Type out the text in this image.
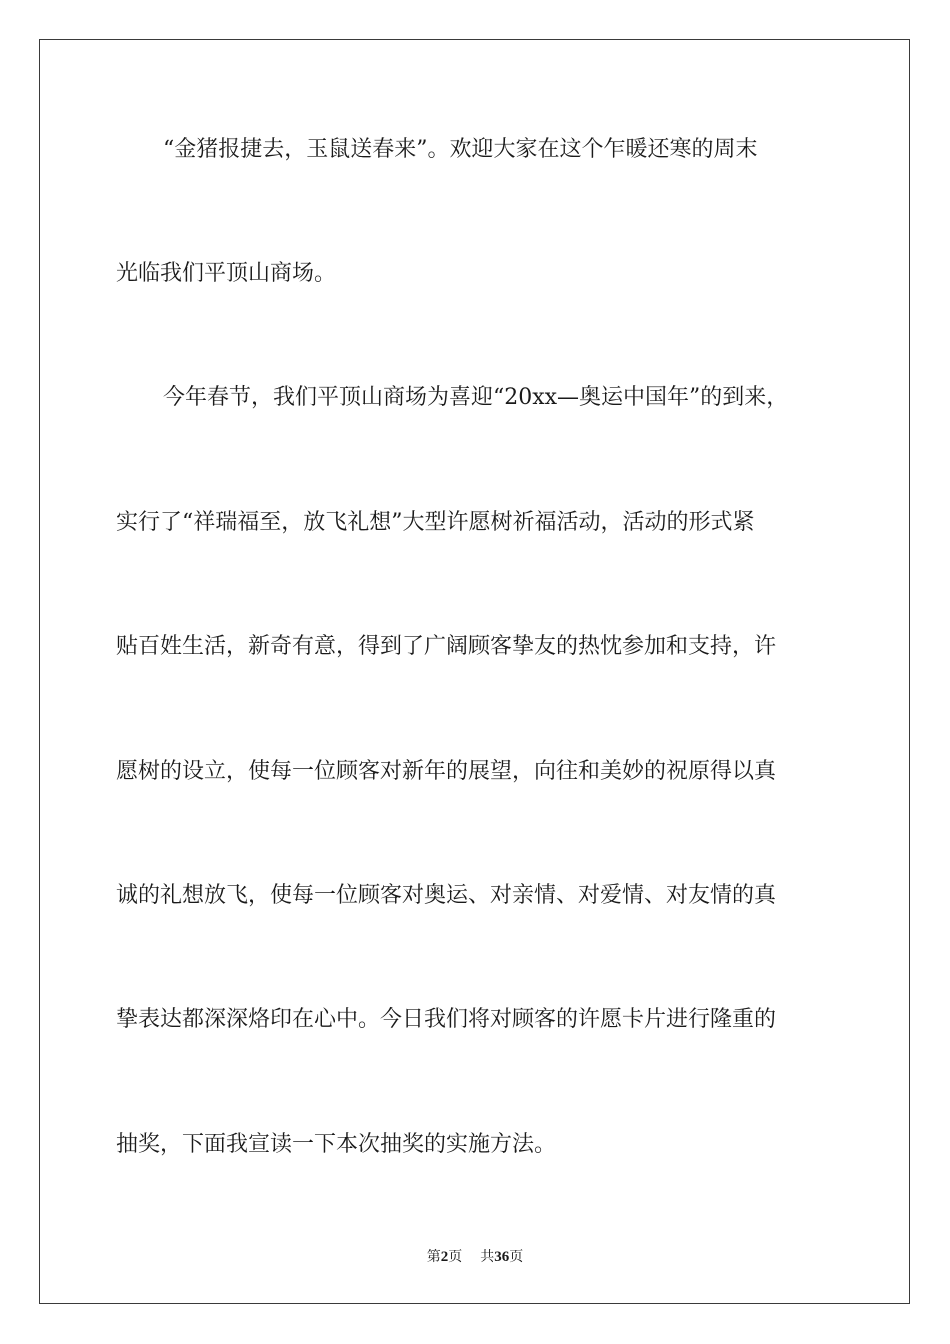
“金猪报捷去，玉鼠送春来”。欢迎大家在这个乍暖还寒的周末
光临我们平顶山商场。
今年春节，我们平顶山商场为喜迎“20xx—奥运中国年”的到来，
实行了“祥瑞福至，放飞礼想”大型许愿树祈福活动，活动的形式紧
贴百姓生活，新奇有意，得到了广阔顾客挚友的热忱参加和支持，许
愿树的设立，使每一位顾客对新年的展望，向往和美妙的祝原得以真
诚的礼想放飞，使每一位顾客对奥运、对亲情、对爱情、对友情的真
挚表达都深深烙印在心中。今日我们将对顾客的许愿卡片进行隆重的
抽奖，下面我宣读一下本次抽奖的实施方法。
第2页 共36页
